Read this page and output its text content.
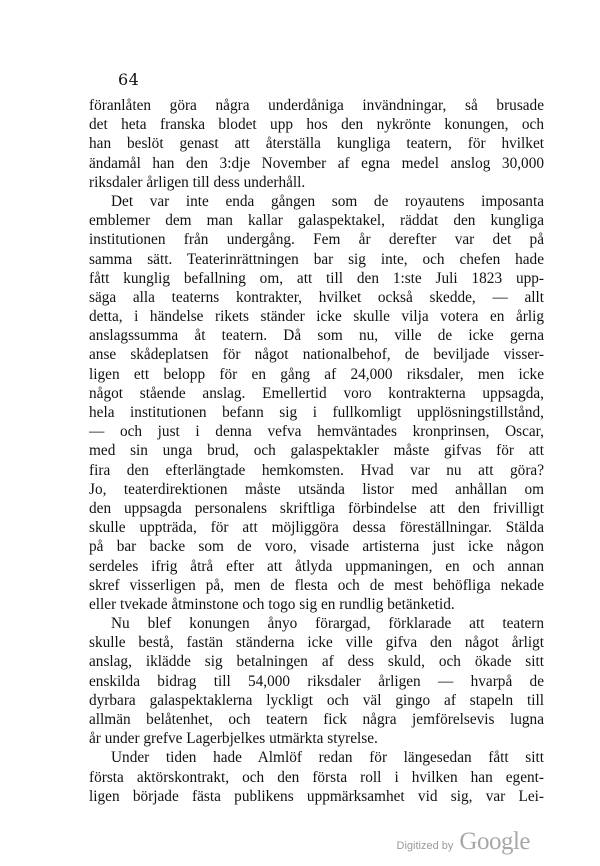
64
föranlåten göra några underdåniga invändningar, så brusade
det heta franska blodet upp hos den nykrönte konungen, och
han beslöt genast att återställa kungliga teatern, för hvilket
ändamål han den 3:dje November af egna medel anslog 30,000
riksdaler årligen till dess underhåll.
Det var inte enda gången som de royautens imposanta
emblemer dem man kallar galaspektakel, räddat den kungliga
institutionen från undergång. Fem år derefter var det på
samma sätt. Teaterinrättningen bar sig inte, och chefen hade
fått kunglig befallning om, att till den 1:ste Juli 1823 upp-
säga alla teaterns kontrakter, hvilket också skedde, — allt
detta, i händelse rikets ständer icke skulle vilja votera en årlig
anslagssumma åt teatern. Då som nu, ville de icke gerna
anse skådeplatsen för något nationalbehof, de beviljade visser-
ligen ett belopp för en gång af 24,000 riksdaler, men icke
något stående anslag. Emellertid voro kontrakterna uppsagda,
hela institutionen befann sig i fullkomligt upplösningstillstånd,
— och just i denna vefva hemväntades kronprinsen, Oscar,
med sin unga brud, och galaspektakler måste gifvas för att
fira den efterlängtade hemkomsten. Hvad var nu att göra?
Jo, teaterdirektionen måste utsända listor med anhållan om
den uppsagda personalens skriftliga förbindelse att den frivilligt
skulle uppträda, för att möjliggöra dessa föreställningar. Stälda
på bar backe som de voro, visade artisterna just icke någon
serdeles ifrig åtrå efter att åtlyda uppmaningen, en och annan
skref visserligen på, men de flesta och de mest behöfliga nekade
eller tvekade åtminstone och togo sig en rundlig betänketid.
Nu blef konungen ånyo förargad, förklarade att teatern
skulle bestå, fastän ständerna icke ville gifva den något årligt
anslag, ikläddе sig betalningen af dess skuld, och ökade sitt
enskilda bidrag till 54,000 riksdaler årligen — hvarpå de
dyrbara galaspektaklerna lyckligt och väl gingo af stapeln till
allmän belåtenhet, och teatern fick några jemförelsevis lugna
år under grefve Lagerbjelkes utmärkta styrelse.
Under tiden hade Almlöf redan för längesedan fått sitt
första aktörskontrakt, och den första roll i hvilken han egent-
ligen började fästa publikens uppmärksamhet vid sig, var Lei-
Digitized by Google
